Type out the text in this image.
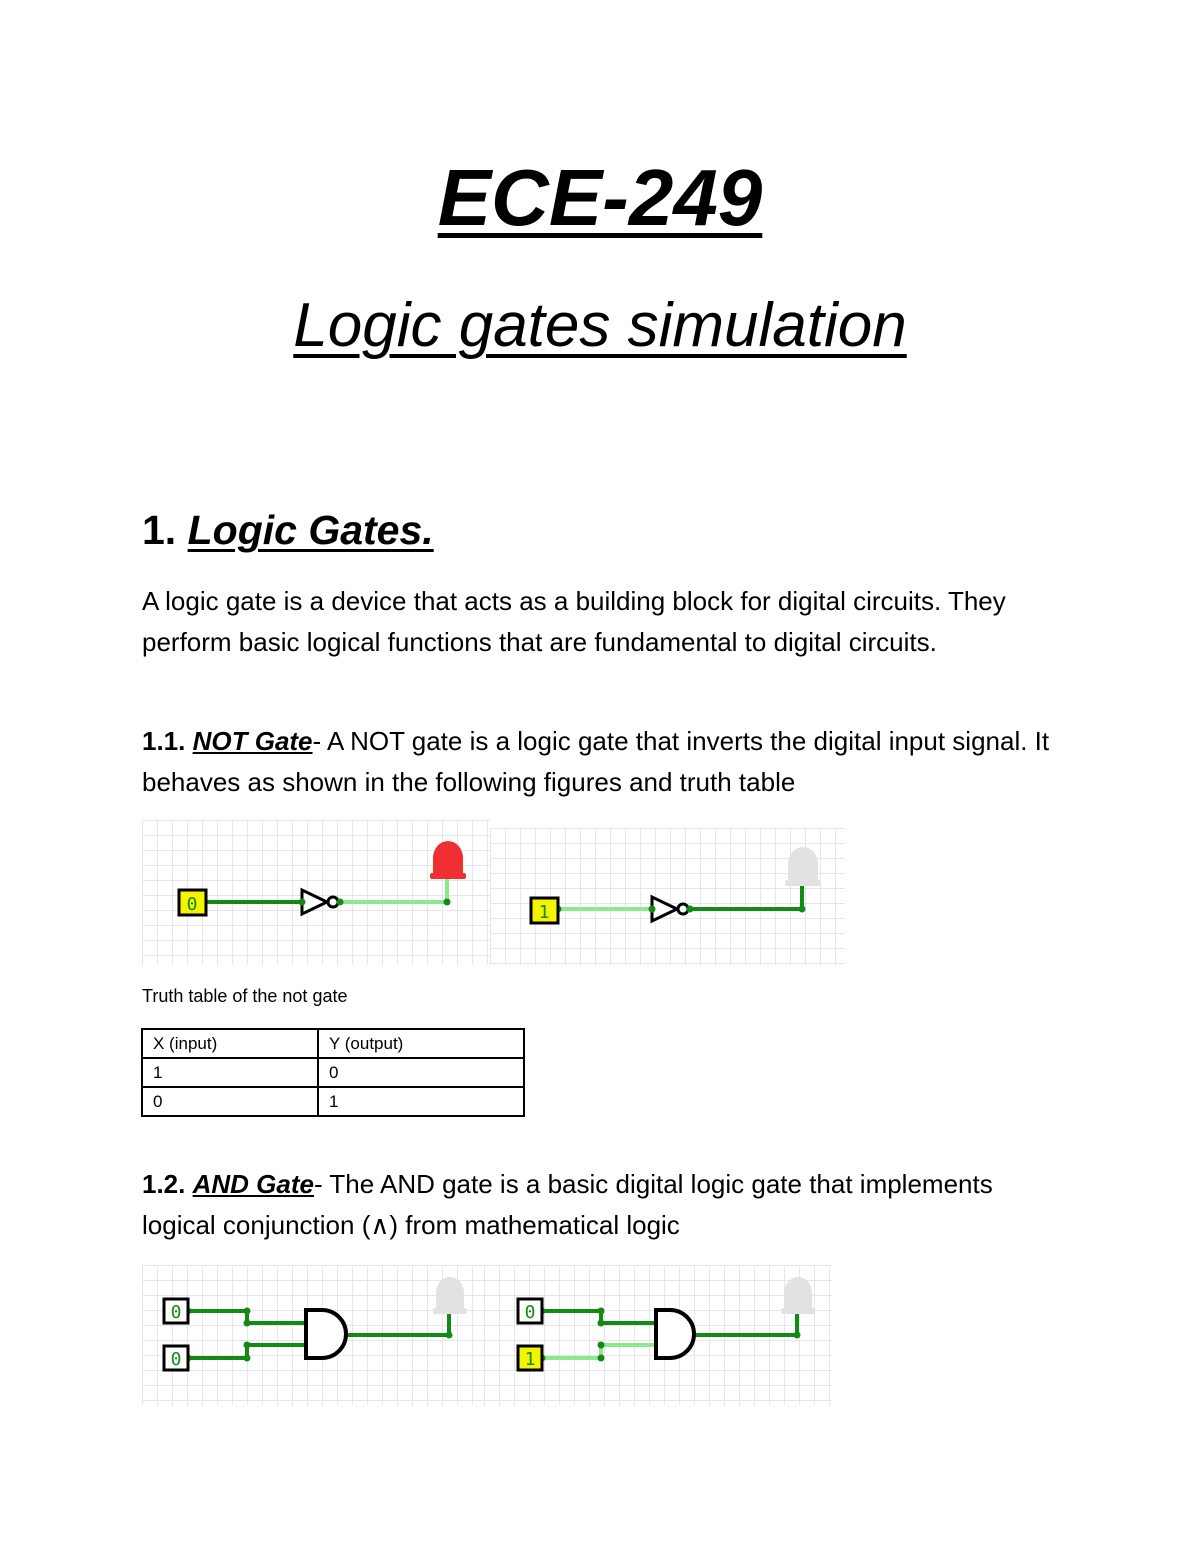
ECE-249
Logic gates simulation
1. Logic Gates.

A logic gate is a device that acts as a building block for digital circuits. They perform basic logical functions that are fundamental to digital circuits.

1.1. NOT Gate- A NOT gate is a logic gate that inverts the digital input signal. It behaves as shown in the following figures and truth table

0	1
Truth table of the not gate
X (input)	Y (output)
1	0
0	1

1.2. AND Gate- The AND gate is a basic digital logic gate that implements logical conjunction (∧) from mathematical logic

0
0
0
1
